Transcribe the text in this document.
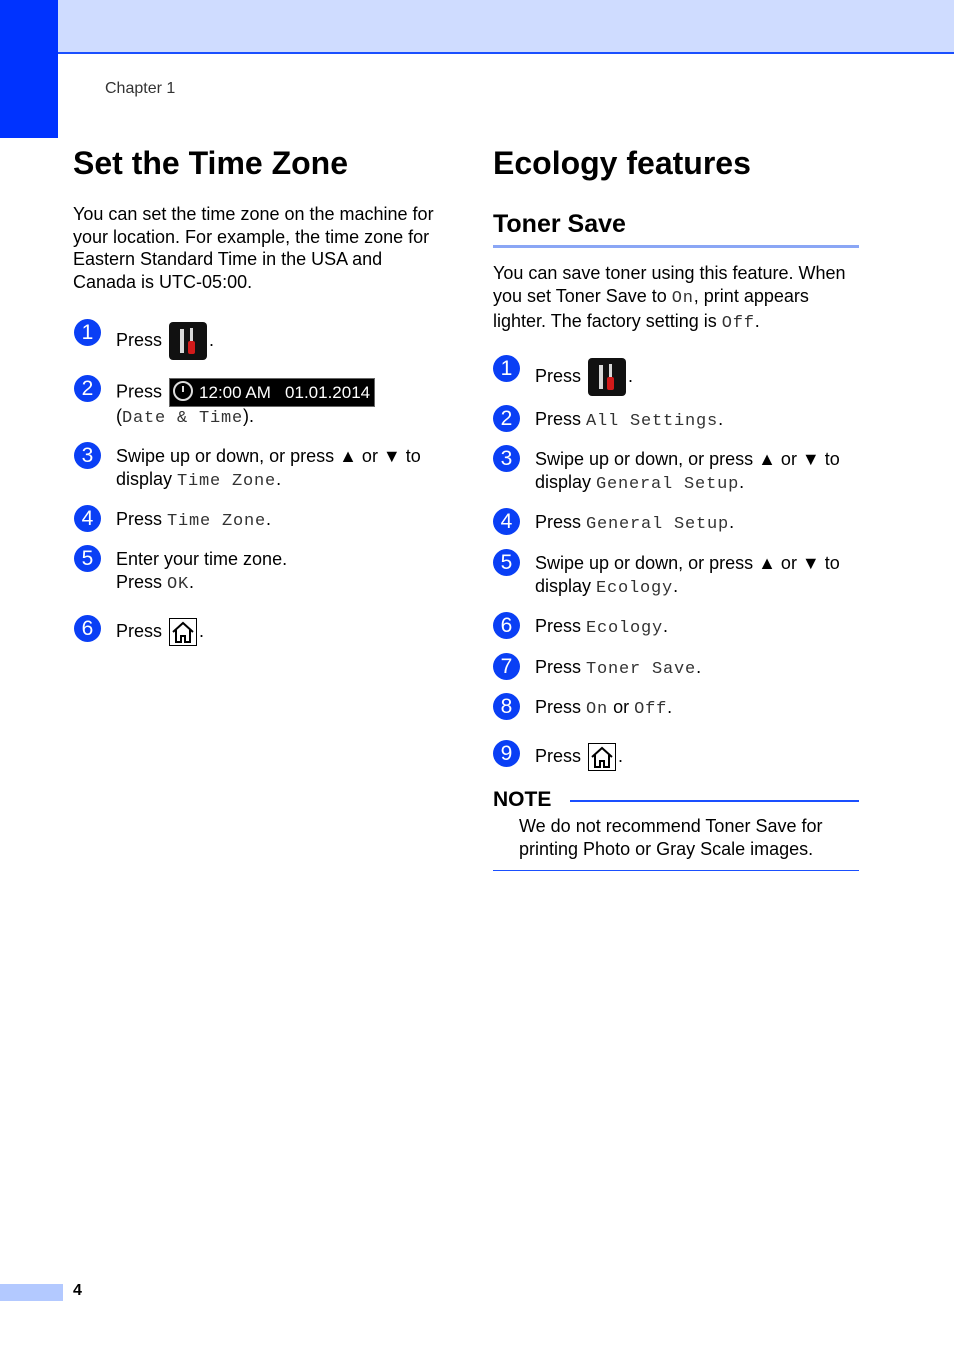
Chapter 1
Set the Time Zone

You can set the time zone on the machine for your location. For example, the time zone for Eastern Standard Time in the USA and Canada is UTC-05:00.

1	Press	.
2	Press 12:00 AM 01.01.2014
(Date & Time).
3	Swipe up or down, or press ▲ or ▼ to
display Time Zone.
4	Press Time Zone.
5	Enter your time zone.
Press OK.
6	Press .
Ecology features
Toner Save

You can save toner using this feature. When you set Toner Save to On, print appears lighter. The factory setting is Off.

1	Press	.
2	Press All Settings.
3	Swipe up or down, or press ▲ or ▼ to
display General Setup.
4	Press General Setup.
5	Swipe up or down, or press ▲ or ▼ to
display Ecology.
6	Press Ecology.
7	Press Toner Save.
8	Press On or Off.
9	Press .
NOTE

We do not recommend Toner Save for printing Photo or Gray Scale images.

4
